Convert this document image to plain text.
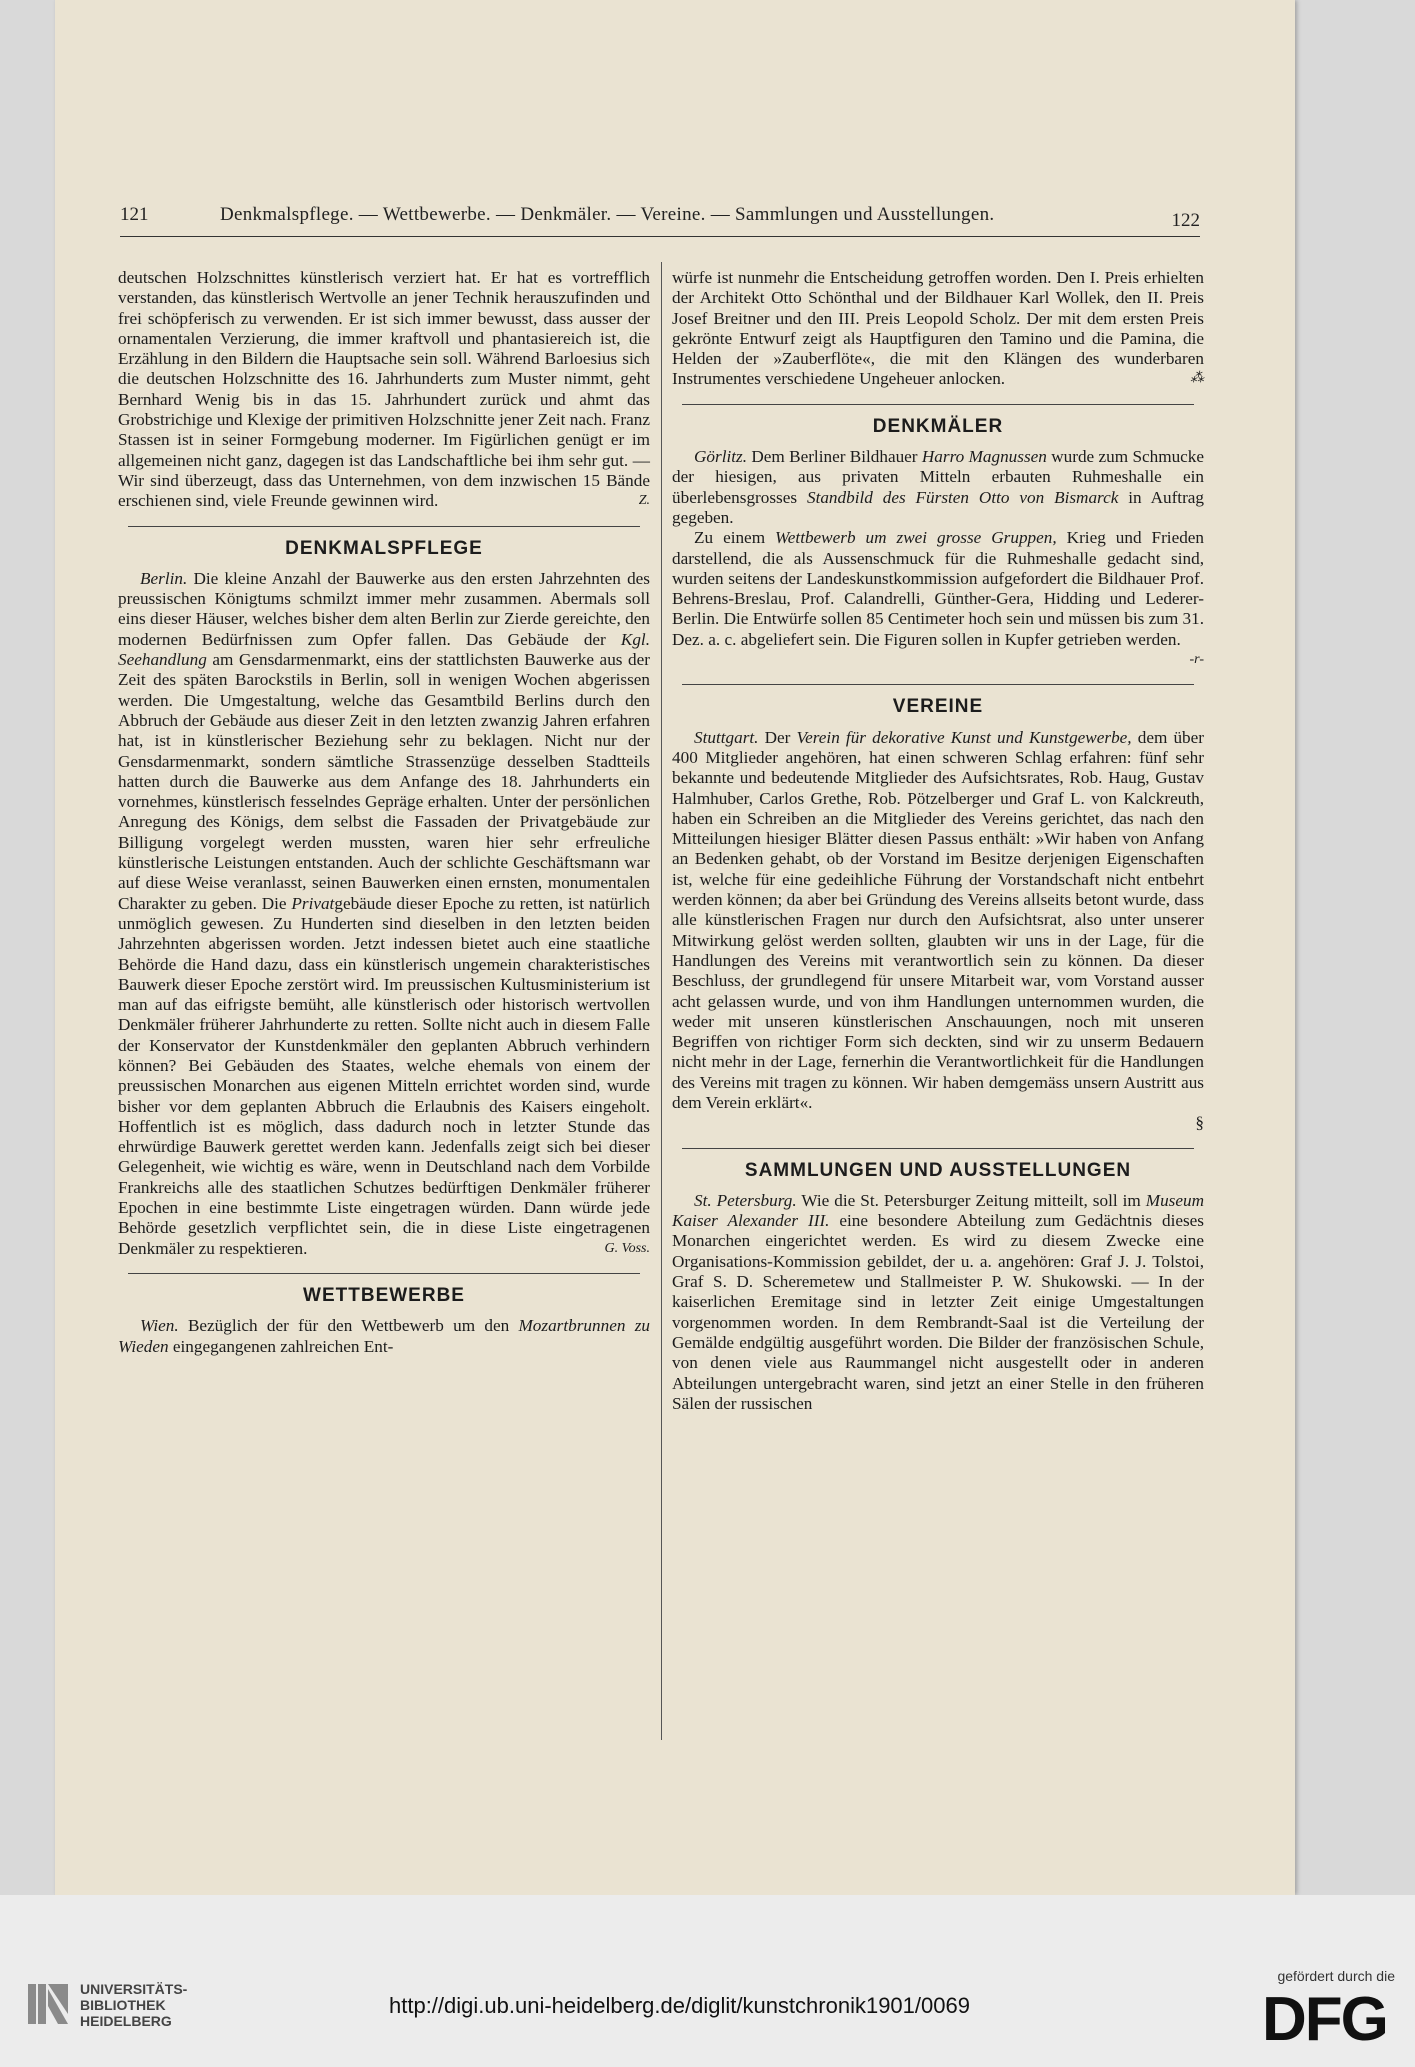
121	Denkmalspflege. — Wettbewerbe. — Denkmäler. — Vereine. — Sammlungen und Ausstellungen.	122

deutschen Holzschnittes künstlerisch verziert hat. Er hat es vortrefflich verstanden, das künstlerisch Wertvolle an jener Technik herauszufinden und frei schöpferisch zu verwenden. Er ist sich immer bewusst, dass ausser der ornamentalen Verzierung, die immer kraftvoll und phantasiereich ist, die Erzählung in den Bildern die Hauptsache sein soll. Während Barloesius sich die deutschen Holzschnitte des 16. Jahrhunderts zum Muster nimmt, geht Bernhard Wenig bis in das 15. Jahrhundert zurück und ahmt das Grobstrichige und Klexige der primitiven Holzschnitte jener Zeit nach. Franz Stassen ist in seiner Formgebung moderner. Im Figürlichen genügt er im allgemeinen nicht ganz, dagegen ist das Landschaftliche bei ihm sehr gut. — Wir sind überzeugt, dass das Unternehmen, von dem inzwischen 15 Bände erschienen sind, viele Freunde gewinnen wird.	Z.

DENKMALSPFLEGE

Berlin. Die kleine Anzahl der Bauwerke aus den ersten Jahrzehnten des preussischen Königtums schmilzt immer mehr zusammen. Abermals soll eins dieser Häuser, welches bisher dem alten Berlin zur Zierde gereichte, den modernen Bedürfnissen zum Opfer fallen. Das Gebäude der Kgl. Seehandlung am Gensdarmenmarkt, eins der stattlichsten Bauwerke aus der Zeit des späten Barockstils in Berlin, soll in wenigen Wochen abgerissen werden. Die Umgestaltung, welche das Gesamtbild Berlins durch den Abbruch der Gebäude aus dieser Zeit in den letzten zwanzig Jahren erfahren hat, ist in künstlerischer Beziehung sehr zu beklagen. Nicht nur der Gensdarmenmarkt, sondern sämtliche Strassenzüge desselben Stadtteils hatten durch die Bauwerke aus dem Anfange des 18. Jahrhunderts ein vornehmes, künstlerisch fesselndes Gepräge erhalten. Unter der persönlichen Anregung des Königs, dem selbst die Fassaden der Privatgebäude zur Billigung vorgelegt werden mussten, waren hier sehr erfreuliche künstlerische Leistungen entstanden. Auch der schlichte Geschäftsmann war auf diese Weise veranlasst, seinen Bauwerken einen ernsten, monumentalen Charakter zu geben. Die Privatgebäude dieser Epoche zu retten, ist natürlich unmöglich gewesen. Zu Hunderten sind dieselben in den letzten beiden Jahrzehnten abgerissen worden. Jetzt indessen bietet auch eine staatliche Behörde die Hand dazu, dass ein künstlerisch ungemein charakteristisches Bauwerk dieser Epoche zerstört wird. Im preussischen Kultusministerium ist man auf das eifrigste bemüht, alle künstlerisch oder historisch wertvollen Denkmäler früherer Jahrhunderte zu retten. Sollte nicht auch in diesem Falle der Konservator der Kunstdenkmäler den geplanten Abbruch verhindern können? Bei Gebäuden des Staates, welche ehemals von einem der preussischen Monarchen aus eigenen Mitteln errichtet worden sind, wurde bisher vor dem geplanten Abbruch die Erlaubnis des Kaisers eingeholt. Hoffentlich ist es möglich, dass dadurch noch in letzter Stunde das ehrwürdige Bauwerk gerettet werden kann. Jedenfalls zeigt sich bei dieser Gelegenheit, wie wichtig es wäre, wenn in Deutschland nach dem Vorbilde Frankreichs alle des staatlichen Schutzes bedürftigen Denkmäler früherer Epochen in eine bestimmte Liste eingetragen würden. Dann würde jede Behörde gesetzlich verpflichtet sein, die in diese Liste eingetragenen Denkmäler zu respektieren.	G. Voss.

WETTBEWERBE

Wien. Bezüglich der für den Wettbewerb um den Mozartbrunnen zu Wieden eingegangenen zahlreichen Ent-

würfe ist nunmehr die Entscheidung getroffen worden. Den I. Preis erhielten der Architekt Otto Schönthal und der Bildhauer Karl Wollek, den II. Preis Josef Breitner und den III. Preis Leopold Scholz. Der mit dem ersten Preis gekrönte Entwurf zeigt als Hauptfiguren den Tamino und die Pamina, die Helden der »Zauberflöte«, die mit den Klängen des wunderbaren Instrumentes verschiedene Ungeheuer anlocken.	⁂

DENKMÄLER

Görlitz. Dem Berliner Bildhauer Harro Magnussen wurde zum Schmucke der hiesigen, aus privaten Mitteln erbauten Ruhmeshalle ein überlebensgrosses Standbild des Fürsten Otto von Bismarck in Auftrag gegeben.

Zu einem Wettbewerb um zwei grosse Gruppen, Krieg und Frieden darstellend, die als Aussenschmuck für die Ruhmeshalle gedacht sind, wurden seitens der Landeskunstkommission aufgefordert die Bildhauer Prof. Behrens-Breslau, Prof. Calandrelli, Günther-Gera, Hidding und Lederer-Berlin. Die Entwürfe sollen 85 Centimeter hoch sein und müssen bis zum 31. Dez. a. c. abgeliefert sein. Die Figuren sollen in Kupfer getrieben werden.
-r-

VEREINE

Stuttgart. Der Verein für dekorative Kunst und Kunstgewerbe, dem über 400 Mitglieder angehören, hat einen schweren Schlag erfahren: fünf sehr bekannte und bedeutende Mitglieder des Aufsichtsrates, Rob. Haug, Gustav Halmhuber, Carlos Grethe, Rob. Pötzelberger und Graf L. von Kalckreuth, haben ein Schreiben an die Mitglieder des Vereins gerichtet, das nach den Mitteilungen hiesiger Blätter diesen Passus enthält: »Wir haben von Anfang an Bedenken gehabt, ob der Vorstand im Besitze derjenigen Eigenschaften ist, welche für eine gedeihliche Führung der Vorstandschaft nicht entbehrt werden können; da aber bei Gründung des Vereins allseits betont wurde, dass alle künstlerischen Fragen nur durch den Aufsichtsrat, also unter unserer Mitwirkung gelöst werden sollten, glaubten wir uns in der Lage, für die Handlungen des Vereins mit verantwortlich sein zu können. Da dieser Beschluss, der grundlegend für unsere Mitarbeit war, vom Vorstand ausser acht gelassen wurde, und von ihm Handlungen unternommen wurden, die weder mit unseren künstlerischen Anschauungen, noch mit unseren Begriffen von richtiger Form sich deckten, sind wir zu unserm Bedauern nicht mehr in der Lage, fernerhin die Verantwortlichkeit für die Handlungen des Vereins mit tragen zu können. Wir haben demgemäss unsern Austritt aus dem Verein erklärt«.

§

SAMMLUNGEN UND AUSSTELLUNGEN

St. Petersburg. Wie die St. Petersburger Zeitung mitteilt, soll im Museum Kaiser Alexander III. eine besondere Abteilung zum Gedächtnis dieses Monarchen eingerichtet werden. Es wird zu diesem Zwecke eine Organisations-Kommission gebildet, der u. a. angehören: Graf J. J. Tolstoi, Graf S. D. Scheremetew und Stallmeister P. W. Shukowski. — In der kaiserlichen Eremitage sind in letzter Zeit einige Umgestaltungen vorgenommen worden. In dem Rembrandt-Saal ist die Verteilung der Gemälde endgültig ausgeführt worden. Die Bilder der französischen Schule, von denen viele aus Raummangel nicht ausgestellt oder in anderen Abteilungen untergebracht waren, sind jetzt an einer Stelle in den früheren Sälen der russischen

UNIVERSITÄTS-
BIBLIOTHEK
HEIDELBERG
http://digi.ub.uni-heidelberg.de/diglit/kunstchronik1901/0069
gefördert durch die
DFG
